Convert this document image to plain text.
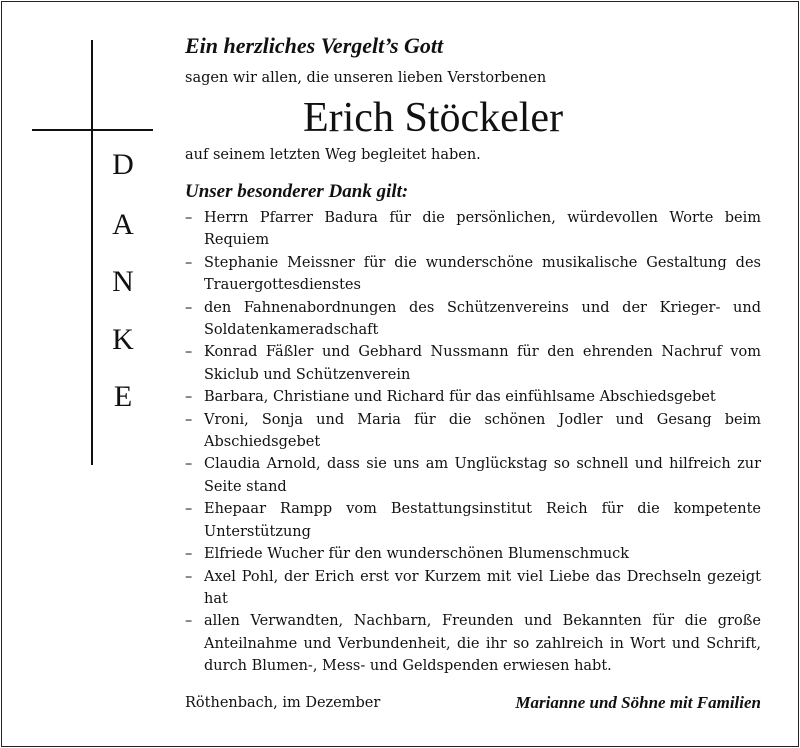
D
A
N
K
E
Ein herzliches Vergelt’s Gott
sagen wir allen, die unseren lieben Verstorbenen
Erich Stöckeler
auf seinem letzten Weg begleitet haben.
Unser besonderer Dank gilt:
– Herrn Pfarrer Badura für die persönlichen, würdevollen Worte beim Requiem
– Stephanie Meissner für die wunderschöne musikalische Gestaltung des Trauergottesdienstes
– den Fahnenabordnungen des Schützenvereins und der Krieger- und Soldatenkameradschaft
– Konrad Fäßler und Gebhard Nussmann für den ehrenden Nachruf vom Skiclub und Schützenverein
– Barbara, Christiane und Richard für das einfühlsame Abschiedsgebet
– Vroni, Sonja und Maria für die schönen Jodler und Gesang beim Abschiedsgebet
– Claudia Arnold, dass sie uns am Unglückstag so schnell und hilfreich zur Seite stand
– Ehepaar Rampp vom Bestattungsinstitut Reich für die kompetente Unterstützung
– Elfriede Wucher für den wunderschönen Blumenschmuck
– Axel Pohl, der Erich erst vor Kurzem mit viel Liebe das Drechseln gezeigt hat
– allen Verwandten, Nachbarn, Freunden und Bekannten für die große Anteilnahme und Verbundenheit, die ihr so zahlreich in Wort und Schrift, durch Blumen-, Mess- und Geldspenden erwiesen habt.
Röthenbach, im Dezember	Marianne und Söhne mit Familien
